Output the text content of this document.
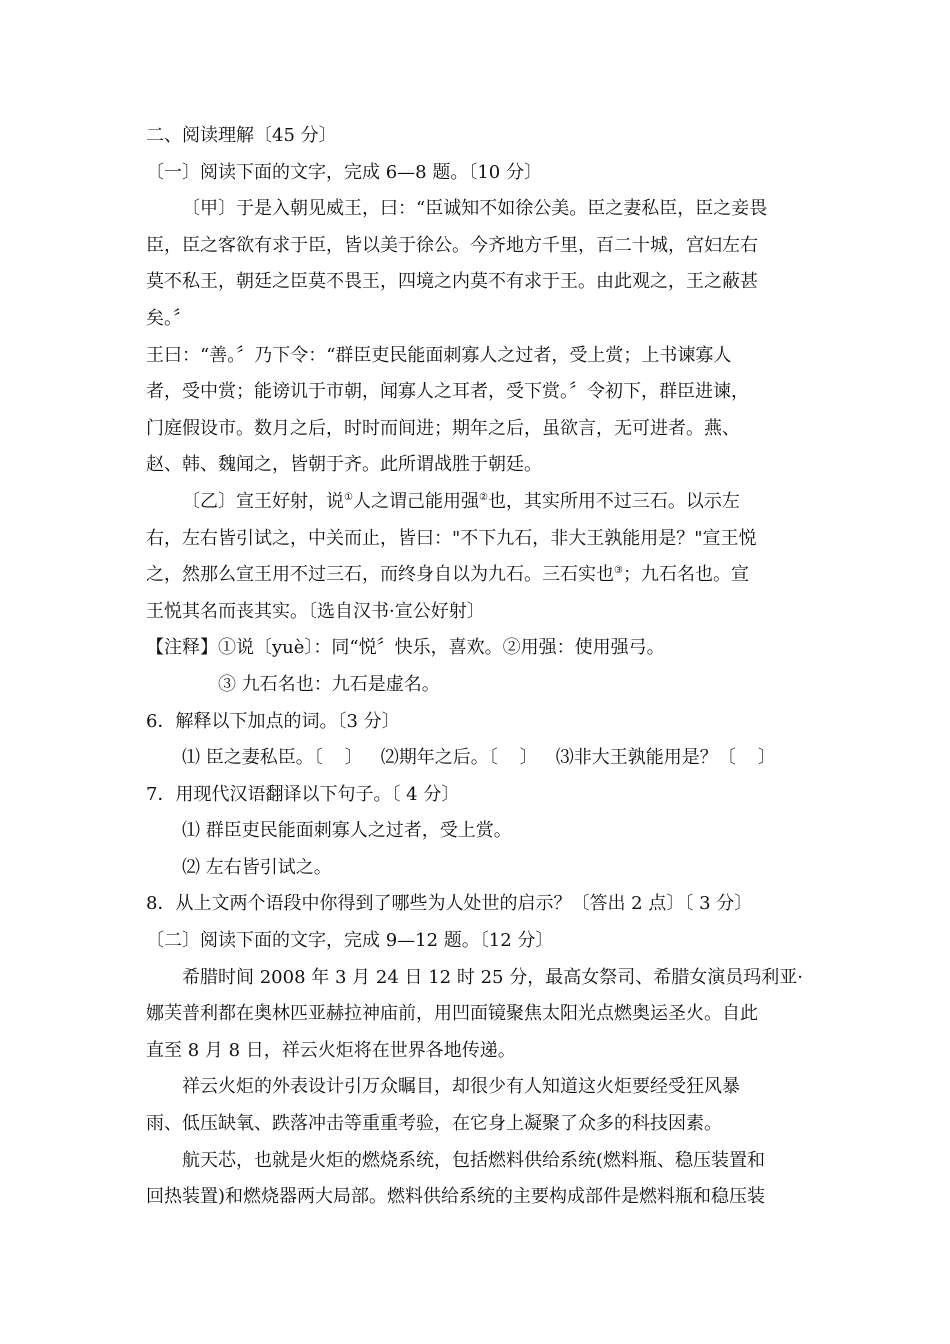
二、阅读理解〔45 分〕
〔一〕阅读下面的文字，完成 6—8 题。〔10 分〕
〔甲〕于是入朝见威王，曰：“臣诚知不如徐公美。臣之妻私臣，臣之妾畏
臣，臣之客欲有求于臣，皆以美于徐公。今齐地方千里，百二十城，宫妇左右
莫不私王，朝廷之臣莫不畏王，四境之内莫不有求于王。由此观之，王之蔽甚
矣。〞
王曰：“善。〞乃下令：“群臣吏民能面刺寡人之过者，受上赏；上书谏寡人
者，受中赏；能谤讥于市朝，闻寡人之耳者，受下赏。〞令初下，群臣进谏，
门庭假设市。数月之后，时时而间进；期年之后，虽欲言，无可进者。燕、
赵、韩、魏闻之，皆朝于齐。此所谓战胜于朝廷。
〔乙〕宣王好射，说①人之谓己能用强②也，其实所用不过三石。以示左
右，左右皆引试之，中关而止，皆曰："不下九石，非大王孰能用是？"宣王悦
之，然那么宣王用不过三石，而终身自以为九石。三石实也③；九石名也。宣
王悦其名而丧其实。〔选自汉书·宣公好射〕
【注释】①说〔yuè〕：同“悦〞快乐，喜欢。②用强：使用强弓。
③ 九石名也：九石是虚名。
6．解释以下加点的词。〔3 分〕
⑴ 臣之妻私臣。〔 〕 ⑵期年之后。〔 〕 ⑶非大王孰能用是？〔 〕
7．用现代汉语翻译以下句子。〔 4 分〕
⑴ 群臣吏民能面刺寡人之过者，受上赏。
⑵ 左右皆引试之。
8．从上文两个语段中你得到了哪些为人处世的启示？〔答出 2 点〕〔 3 分〕
〔二〕阅读下面的文字，完成 9—12 题。〔12 分〕
希腊时间 2008 年 3 月 24 日 12 时 25 分，最高女祭司、希腊女演员玛利亚·
娜芙普利都在奥林匹亚赫拉神庙前，用凹面镜聚焦太阳光点燃奥运圣火。自此
直至 8 月 8 日，祥云火炬将在世界各地传递。
祥云火炬的外表设计引万众瞩目，却很少有人知道这火炬要经受狂风暴
雨、低压缺氧、跌落冲击等重重考验，在它身上凝聚了众多的科技因素。
航天芯，也就是火炬的燃烧系统，包括燃料供给系统(燃料瓶、稳压装置和
回热装置)和燃烧器两大局部。燃料供给系统的主要构成部件是燃料瓶和稳压装
